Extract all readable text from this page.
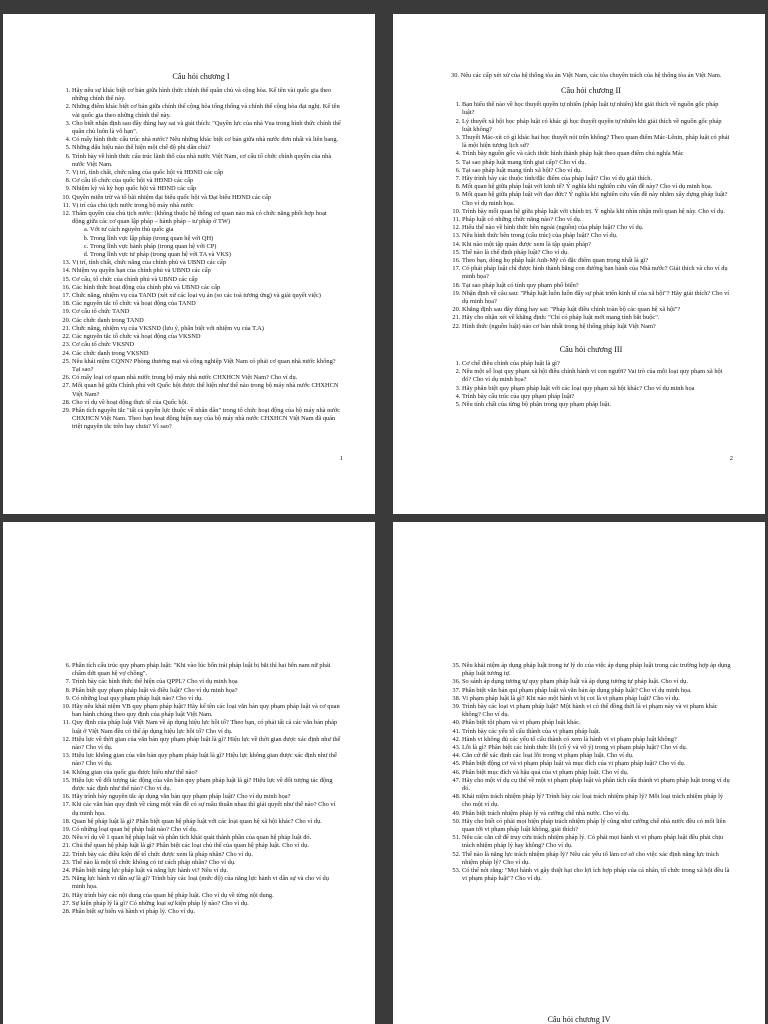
Câu hỏi chương I
1. Hãy nêu sự khác biệt cơ bản giữa hình thức chính thể quân chủ và cộng hòa. Kể tên vài quốc gia theo những chính thể này.
2. Những điểm khác biệt cơ bản giữa chính thể cộng hòa tổng thống và chính thể cộng hòa đại nghị. Kể tên vài quốc gia theo những chính thể này.
3. Cho biết nhận định sau đây đúng hay sai và giải thích: "Quyền lực của nhà Vua trong hình thức chính thể quân chủ luôn là vô hạn".
4. Có mấy hình thức cấu trúc nhà nước? Nêu những khác biệt cơ bản giữa nhà nước đơn nhất và liên bang.
5. Những dấu hiệu nào thể hiện một chế độ phi dân chủ?
6. Trình bày về hình thức cấu trúc lãnh thổ của nhà nước Việt Nam, cơ cấu tổ chức chính quyền của nhà nước Việt Nam.
7. Vị trí, tính chất, chức năng của quốc hội và HĐND các cấp
8. Cơ cấu tổ chức của quốc hội và HĐND các cấp
9. Nhiệm kỳ và kỳ họp quốc hội và HĐND các cấp
10. Quyền miễn trừ và tổ bãi nhiệm đại biểu quốc hội và Đại biểu HĐND các cấp
11. Vị trí của chủ tịch nước trong bộ máy nhà nước
12. Thẩm quyền của chủ tịch nước: (không thuộc hệ thống cơ quan nào mà có chức năng phối hợp hoạt động giữa các cơ quan lập pháp – hành pháp – tư pháp ở TW)
a. Với tư cách nguyên thủ quốc gia
b. Trong lĩnh vực lập pháp (trong quan hệ với QH)
c. Trong lĩnh vực hành pháp (trong quan hệ với CP)
d. Trong lĩnh vực tư pháp (trong quan hệ với TA và VKS)
13. Vị trí, tính chất, chức năng của chính phủ và UBND các cấp
14. Nhiệm vụ quyền hạn của chính phủ và UBND các cấp
15. Cơ cấu, tổ chức của chính phủ và UBND các cấp
16. Các hình thức hoạt động của chính phủ và UBND các cấp
17. Chức năng, nhiệm vụ của TAND (xét xử các loại vụ án (so các toà tương ứng) và giải quyết việc)
18. Các nguyên tắc tổ chức và hoạt động của TAND
19. Cơ cấu tổ chức TAND
20. Các chức danh trong TAND
21. Chức năng, nhiệm vụ của VKSND (lưu ý, phân biệt với nhiệm vụ của T.A)
22. Các nguyên tắc tổ chức và hoạt động của VKSND
23. Cơ cấu tổ chức VKSND
24. Các chức danh trong VKSND
25. Nêu khái niệm CQNN? Phòng thương mại và công nghiệp Việt Nam có phải cơ quan nhà nước không? Tại sao?
26. Có mấy loại cơ quan nhà nước trong bộ máy nhà nước CHXHCN Việt Nam? Cho ví dụ.
27. Mối quan hệ giữa Chính phủ với Quốc hội được thể hiện như thế nào trong bộ máy nhà nước CHXHCN Việt Nam?
28. Cho ví dụ về hoạt động thực tế của Quốc hội.
29. Phân tích nguyên tắc "tất cả quyền lực thuộc về nhân dân" trong tổ chức hoạt động của bộ máy nhà nước CHXHCN Việt Nam. Theo bạn hoạt động hiện nay của bộ máy nhà nước CHXHCN Việt Nam đã quán triệt nguyên tắc trên hay chưa? Vì sao?
1
30. Nêu các cấp xét xử của hệ thống tòa án Việt Nam, các tòa chuyên trách của hệ thống tòa án Việt Nam.
Câu hỏi chương II
1. Bạn hiểu thế nào về học thuyết quyền tự nhiên (pháp luật tự nhiên) khi giải thích về nguồn gốc pháp luật?
2. Lý thuyết xã hội học pháp luật có khác gì học thuyết quyền tự nhiên khi giải thích về nguồn gốc pháp luật không?
3. Thuyết Mác-xít có gì khác hai học thuyết nói trên không? Theo quan điểm Mác-Lênin, pháp luật có phải là một hiện tượng lịch sử?
4. Trình bày nguồn gốc và cách thức hình thành pháp luật theo quan điểm chủ nghĩa Mác
5. Tại sao pháp luật mang tính giai cấp? Cho ví dụ.
6. Tại sao pháp luật mang tính xã hội? Cho ví dụ.
7. Hãy trình bày các thuộc tính/đặc điểm của pháp luật? Cho ví dụ giải thích.
8. Mối quan hệ giữa pháp luật với kinh tế? Ý nghĩa khi nghiên cứu vấn đề này? Cho ví dụ minh họa.
9. Mối quan hệ giữa pháp luật với đạo đức? Ý nghĩa khi nghiên cứu vấn đề này nhằm xây dựng pháp luật? Cho ví dụ minh họa.
10. Trình bày mối quan hệ giữa pháp luật với chính trị. Ý nghĩa khi nhìn nhận mối quan hệ này. Cho ví dụ.
11. Pháp luật có những chức năng nào? Cho ví dụ.
12. Hiểu thế nào về hình thức bên ngoài (nguồn) của pháp luật? Cho ví dụ.
13. Nêu hình thức bên trong (cấu trúc) của pháp luật? Cho ví dụ.
14. Khi nào một tập quán được xem là tập quán pháp?
15. Thế nào là chế định pháp luật? Cho ví dụ.
16. Theo bạn, dòng họ pháp luật Anh-Mỹ có đặc điểm quan trọng nhất là gì?
17. Có phải pháp luật chỉ được hình thành bằng con đường ban hành của Nhà nước? Giải thích và cho ví dụ minh họa?
18. Tại sao pháp luật có tính quy phạm phổ biến?
19. Nhận định về câu sau: "Pháp luật luôn luôn đẩy sự phát triển kinh tế của xã hội"? Hãy giải thích? Cho ví dụ minh họa?
20. Khẳng định sau đây đúng hay sai: "Pháp luật điều chỉnh toàn bộ các quan hệ xã hội"?
21. Hãy cho nhận xét về khẳng định: "Chỉ có pháp luật mới mang tính bắt buộc".
22. Hình thức (nguồn luật) nào cơ bản nhất trong hệ thống pháp luật Việt Nam?
Câu hỏi chương III
1. Cơ chế điều chỉnh của pháp luật là gì?
2. Nêu một số loại quy phạm xã hội điều chỉnh hành vi con người? Vai trò của mỗi loại quy phạm xã hội đó? Cho ví dụ minh họa?
3. Hãy phân biệt quy phạm pháp luật với các loại quy phạm xã hội khác? Cho ví dụ minh họa
4. Trình bày cấu trúc của quy phạm pháp luật?
5. Nêu tính chất của từng bộ phận trong quy phạm pháp luật.
2
6. Phân tích cấu trúc quy phạm pháp luật: "Khi vào lúc bốn trái pháp luật bị bắt thì hai bên nam nữ phải chấm dứt quan hệ vợ chồng".
7. Trình bày các hình thức thể hiện của QPPL? Cho ví dụ minh họa
8. Phân biệt quy phạm pháp luật và điều luật? Cho ví dụ minh họa?
9. Có những loại quy phạm pháp luật nào? Cho ví dụ.
10. Hãy nêu khái niệm VB quy phạm pháp luật? Hãy kể tên các loại văn bản quy phạm pháp luật và cơ quan ban hành chúng theo quy định của pháp luật Việt Nam.
11. Quy định của pháp luật Việt Nam về áp dụng hiệu lực hồi tố? Theo bạn, có phải tất cả các văn bản pháp luật ở Việt Nam đều có thể áp dụng hiệu lực hồi tố? Cho ví dụ.
12. Hiệu lực về thời gian của văn bản quy phạm pháp luật là gì? Hiệu lực về thời gian được xác định như thế nào? Cho ví dụ.
13. Hiệu lực không gian của văn bản quy phạm pháp luật là gì? Hiệu lực không gian được xác định như thế nào? Cho ví dụ.
14. Không gian của quốc gia được hiểu như thế nào?
15. Hiệu lực về đối tượng tác động của văn bản quy phạm pháp luật là gì? Hiệu lực về đối tượng tác động được xác định như thế nào? Cho ví dụ.
16. Hãy trình bày nguyên tắc áp dụng văn bản quy phạm pháp luật? Cho ví dụ minh họa?
17. Khi các văn bản quy định về cùng một vấn đề có sự mâu thuẫn nhau thì giải quyết như thế nào? Cho ví dụ minh họa.
18. Quan hệ pháp luật là gì? Phân biệt quan hệ pháp luật với các loại quan hệ xã hội khác? Cho ví dụ.
19. Có những loại quan hệ pháp luật nào? Cho ví dụ.
20. Nêu ví dụ về 1 quan hệ pháp luật và phân tích khái quát thành phần của quan hệ pháp luật đó.
21. Chủ thể quan hệ pháp luật là gì? Phân biệt các loại chủ thể của quan hệ pháp luật. Cho ví dụ.
22. Trình bày các điều kiện để tổ chức được xem là pháp nhân? Cho ví dụ.
23. Thế nào là một tổ chức không có tư cách pháp nhân? Cho ví dụ.
24. Phân biệt năng lực pháp luật và năng lực hành vi? Nêu ví dụ.
25. Năng lực hành vi dân sự là gì? Trình bày các loại (mức độ) của năng lực hành vi dân sự và cho ví dụ minh họa.
26. Hãy trình bày các nội dung của quan hệ pháp luật. Cho ví dụ về từng nội dung.
27. Sự kiện pháp lý là gì? Có những loại sự kiện pháp lý nào? Cho ví dụ.
28. Phân biệt sự biến và hành vi pháp lý. Cho ví dụ.
35. Nêu khái niệm áp dụng pháp luật trong tư lý do của việc áp dụng pháp luật trong các trường hợp áp dụng pháp luật tương tự.
36. So sánh áp dụng tương tự quy phạm pháp luật và áp dụng tương tự pháp luật. Cho ví dụ.
37. Phân biệt văn bản qui phạm pháp luật và văn bản áp dụng pháp luật? Cho ví dụ minh họa.
38. Vi phạm pháp luật là gì? Khi nào một hành vi bị coi là vi phạm pháp luật? Cho ví dụ.
39. Trình bày các loại vi phạm pháp luật? Một hành vi có thể đồng thời là vi phạm này và vi phạm khác không? Cho ví dụ.
40. Phân biệt tội phạm và vi phạm pháp luật khác.
41. Trình bày các yếu tố cấu thành của vi phạm pháp luật.
42. Hành vi không đủ các yếu tố cấu thành có xem là hành vi vi phạm pháp luật không?
43. Lỗi là gì? Phân biệt các hình thức lỗi (cố ý và vô ý) trong vi phạm pháp luật? Cho ví dụ.
44. Căn cứ để xác định các loại lỗi trong vi phạm pháp luật. Cho ví dụ.
45. Phân biệt động cơ và vi phạm pháp luật và mục đích của vi phạm pháp luật? Cho ví dụ.
46. Phân biệt mục đích và hậu quả của vi phạm pháp luật. Cho ví dụ.
47. Hãy cho một ví dụ cụ thể về một vi phạm pháp luật và phân tích cấu thành vi phạm pháp luật trong ví dụ đó.
48. Khái niệm trách nhiệm pháp lý? Trình bày các loại trách nhiệm pháp lý? Mỗi loại trách nhiệm pháp lý cho một ví dụ.
49. Phân biệt trách nhiệm pháp lý và cưỡng chế nhà nước. Cho ví dụ.
50. Hãy cho biết có phải mọi biện pháp trách nhiệm pháp lý cũng như cưỡng chế nhà nước đều có mối liên quan tới vi phạm pháp luật không, giải thích?
51. Nêu các căn cứ để truy cứu trách nhiệm pháp lý. Có phải mọi hành vi vi phạm pháp luật đều phải chịu trách nhiệm pháp lý hay không? Cho ví dụ.
52. Thế nào là năng lực trách nhiệm pháp lý? Nêu các yếu tố làm cơ sở cho việc xác định năng lực trách nhiệm pháp lý? Cho ví dụ.
53. Có thể nói rằng: "Mọi hành vi gây thiệt hại cho lợi ích hợp pháp của cá nhân, tổ chức trong xã hội đều là vi phạm pháp luật"? Cho ví dụ.
Câu hỏi chương IV
